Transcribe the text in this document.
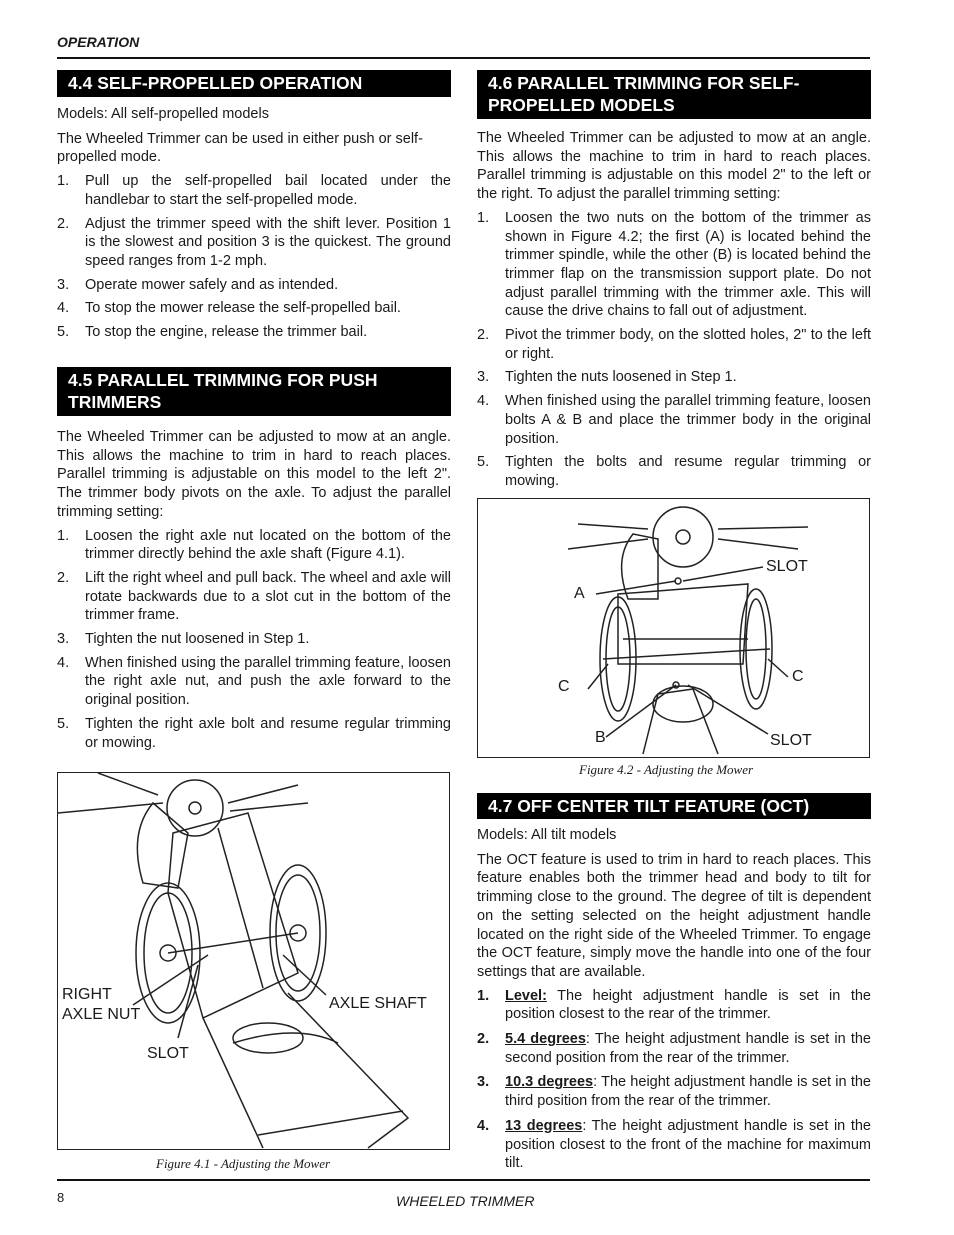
OPERATION
4.4 SELF-PROPELLED OPERATION

Models: All self-propelled models

The Wheeled Trimmer can be used in either push or self-propelled mode.

1. Pull up the self-propelled bail located under the handlebar to start the self-propelled mode.
2. Adjust the trimmer speed with the shift lever. Position 1 is the slowest and position 3 is the quickest. The ground speed ranges from 1-2 mph.
3. Operate mower safely and as intended.
4. To stop the mower release the self-propelled bail.
5. To stop the engine, release the trimmer bail.
4.5 PARALLEL TRIMMING FOR PUSH TRIMMERS

The Wheeled Trimmer can be adjusted to mow at an angle. This allows the machine to trim in hard to reach places. Parallel trimming is adjustable on this model to the left 2". The trimmer body pivots on the axle. To adjust the parallel trimming setting:

1. Loosen the right axle nut located on the bottom of the trimmer directly behind the axle shaft (Figure 4.1).
2. Lift the right wheel and pull back. The wheel and axle will rotate backwards due to a slot cut in the bottom of the trimmer frame.
3. Tighten the nut loosened in Step 1.
4. When finished using the parallel trimming feature, loosen the right axle nut, and push the axle forward to the original position.
5. Tighten the right axle bolt and resume regular trimming or mowing.
RIGHT
AXLE NUT
SLOT
AXLE SHAFT
Figure 4.1 - Adjusting the Mower
4.6 PARALLEL TRIMMING FOR SELF-PROPELLED MODELS

The Wheeled Trimmer can be adjusted to mow at an angle. This allows the machine to trim in hard to reach places. Parallel trimming is adjustable on this model 2" to the left or the right. To adjust the parallel trimming setting:

1. Loosen the two nuts on the bottom of the trimmer as shown in Figure 4.2; the first (A) is located behind the trimmer spindle, while the other (B) is located behind the trimmer flap on the transmission support plate. Do not adjust parallel trimming with the trimmer axle. This will cause the drive chains to fall out of adjustment.
2. Pivot the trimmer body, on the slotted holes, 2" to the left or right.
3. Tighten the nuts loosened in Step 1.
4. When finished using the parallel trimming feature, loosen bolts A & B and place the trimmer body in the original position.
5. Tighten the bolts and resume regular trimming or mowing.
A
SLOT
C
C
B	SLOT
Figure 4.2 - Adjusting the Mower
4.7 OFF CENTER TILT FEATURE (OCT)

Models: All tilt models

The OCT feature is used to trim in hard to reach places. This feature enables both the trimmer head and body to tilt for trimming close to the ground. The degree of tilt is dependent on the setting selected on the height adjustment handle located on the right side of the Wheeled Trimmer. To engage the OCT feature, simply move the handle into one of the four settings that are available.

1. Level: The height adjustment handle is set in the position closest to the rear of the trimmer.
2. 5.4 degrees: The height adjustment handle is set in the second position from the rear of the trimmer.
3. 10.3 degrees: The height adjustment handle is set in the third position from the rear of the trimmer.
4. 13 degrees: The height adjustment handle is set in the position closest to the front of the machine for maximum tilt.
8	WHEELED TRIMMER
